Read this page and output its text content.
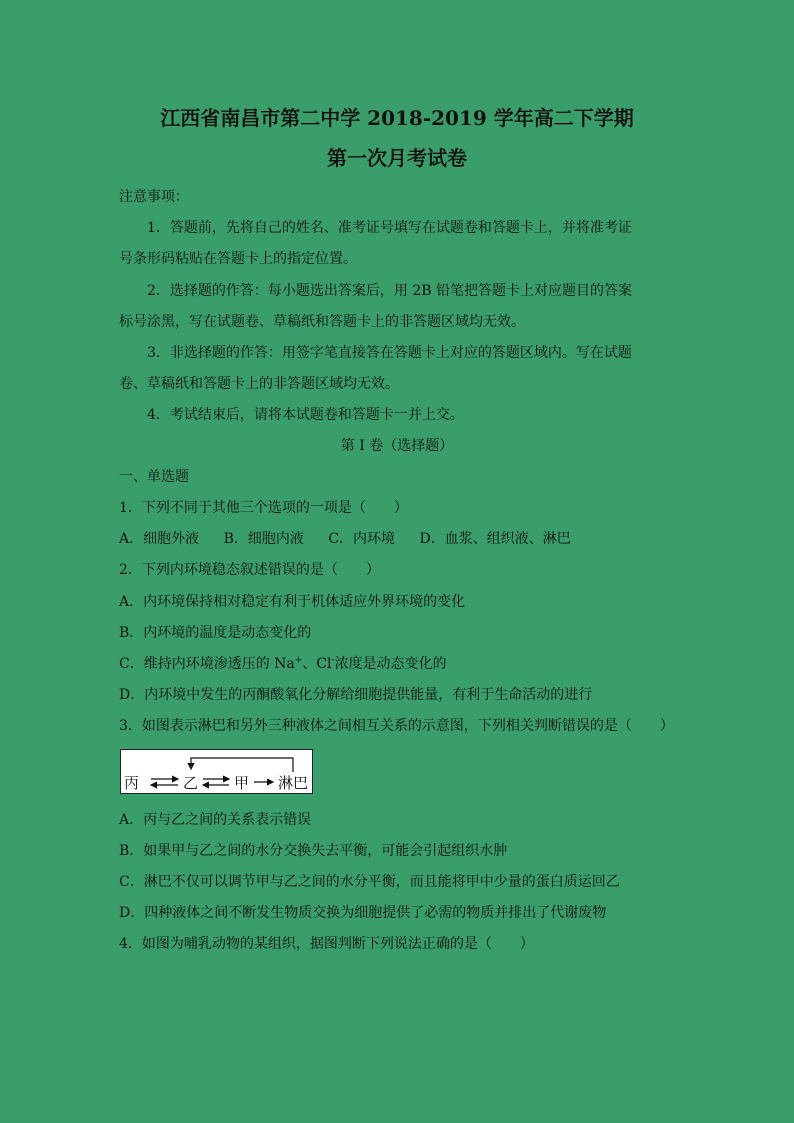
江西省南昌市第二中学 2018-2019 学年高二下学期
第一次月考试卷
注意事项：
1．答题前，先将自己的姓名、准考证号填写在试题卷和答题卡上，并将准考证
号条形码粘贴在答题卡上的指定位置。
2．选择题的作答：每小题选出答案后，用 2B 铅笔把答题卡上对应题目的答案
标号涂黑，写在试题卷、草稿纸和答题卡上的非答题区域均无效。
3．非选择题的作答：用签字笔直接答在答题卡上对应的答题区域内。写在试题
卷、草稿纸和答题卡上的非答题区域均无效。
4．考试结束后，请将本试题卷和答题卡一并上交。
第 I 卷（选择题）
一、单选题
1．下列不同于其他三个选项的一项是（　　）
A．细胞外液 B．细胞内液 C．内环境 D．血浆、组织液、淋巴
2．下列内环境稳态叙述错误的是（　　）
A．内环境保持相对稳定有利于机体适应外界环境的变化
B．内环境的温度是动态变化的
C．维持内环境渗透压的 Na+、Cl-浓度是动态变化的
D．内环境中发生的丙酮酸氧化分解给细胞提供能量，有利于生命活动的进行
3．如图表示淋巴和另外三种液体之间相互关系的示意图，下列相关判断错误的是（　　）
丙	乙 甲 淋巴
A．丙与乙之间的关系表示错误
B．如果甲与乙之间的水分交换失去平衡，可能会引起组织水肿
C．淋巴不仅可以调节甲与乙之间的水分平衡，而且能将甲中少量的蛋白质运回乙
D．四种液体之间不断发生物质交换为细胞提供了必需的物质并排出了代谢废物
4．如图为哺乳动物的某组织，据图判断下列说法正确的是（　　）
